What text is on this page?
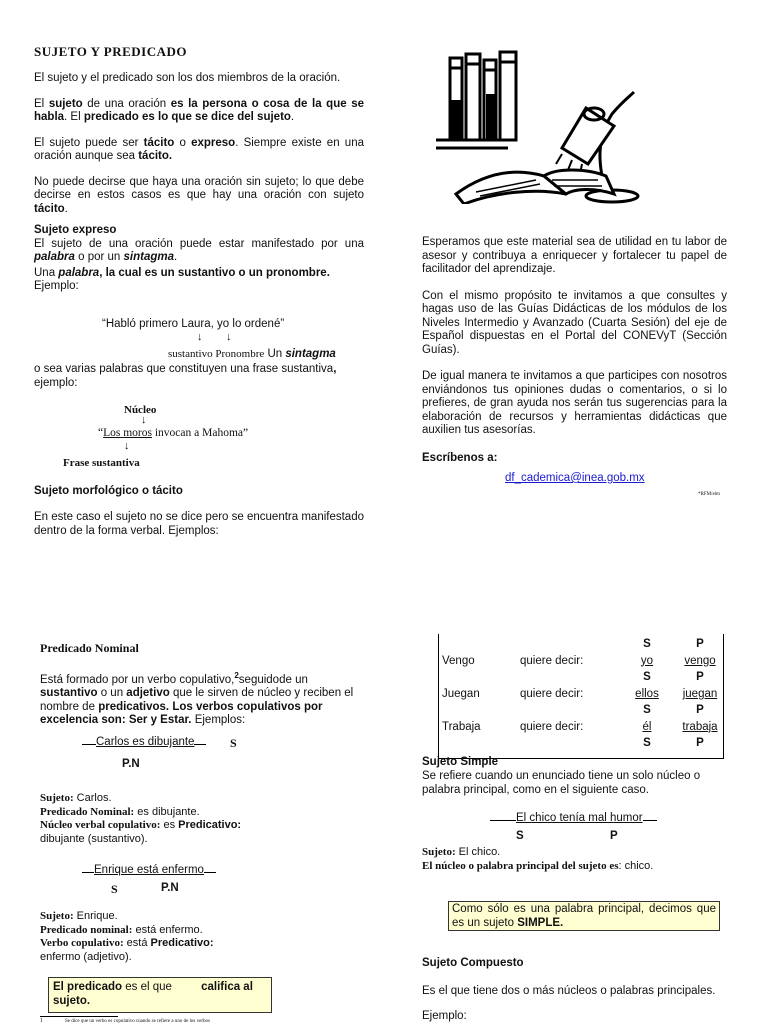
SUJETO Y PREDICADO

El sujeto y el predicado son los dos miembros de la oración.

El sujeto de una oración es la persona o cosa de la que se habla. El predicado es lo que se dice del sujeto.

El sujeto puede ser tácito o expreso. Siempre existe en una oración aunque sea tácito.

No puede decirse que haya una oración sin sujeto; lo que debe decirse en estos casos es que hay una oración con sujeto tácito.

Sujeto expreso

El sujeto de una oración puede estar manifestado por una palabra o por un sintagma.

Una palabra, la cual es un sustantivo o un pronombre.

Ejemplo:

“Habló primero Laura, yo lo ordené”
↓ ↓
sustantivo Pronombre Un sintagma

o sea varias palabras que constituyen una frase sustantiva, ejemplo:

Núcleo
↓
“Los moros invocan a Mahoma”
↓
Frase sustantiva
Sujeto morfológico o tácito

En este caso el sujeto no se dice pero se encuentra manifestado dentro de la forma verbal. Ejemplos:

Esperamos que este material sea de utilidad en tu labor de asesor y contribuya a enriquecer y fortalecer tu papel de facilitador del aprendizaje.

Con el mismo propósito te invitamos a que consultes y hagas uso de las Guías Didácticas de los módulos de los Niveles Intermedio y Avanzado (Cuarta Sesión) del eje de Español dispuestas en el Portal del CONEVyT (Sección Guías).

De igual manera te invitamos a que participes con nosotros enviándonos tus opiniones dudas o comentarios, o si lo prefieres, de gran ayuda nos serán tus sugerencias para la elaboración de recursos y herramientas didácticas que auxilien tus asesorías.

Escríbenos a:
df_cademica@inea.gob.mx
*RFM/elm
Predicado Nominal

Está formado por un verbo copulativo,$^2$seguidode un sustantivo o un adjetivo que le sirven de núcleo y reciben el nombre de predicativos. Los verbos copulativos por excelencia son: Ser y Estar. Ejemplos:

Carlos es dibujante	S
P.N
Sujeto: Carlos.
Predicado Nominal: es dibujante.
Núcleo verbal copulativo: es Predicativo:
dibujante (sustantivo).
Enrique está enfermo
S	P.N
Sujeto: Enrique.
Predicado nominal: está enfermo.
Verbo copulativo: está Predicativo:
enfermo (adjetivo).
El predicado es el que califica al sujeto.
1	Se dice que un verbo es copulativo cuando se refiere a uno de los verbos
		S	P
Vengo	quiere decir:	yo	vengo
		S	P
Juegan	quiere decir:	ellos	juegan
		S	P
Trabaja	quiere decir:	él	trabaja
		S	P
Sujeto Simple

Se refiere cuando un enunciado tiene un solo núcleo o palabra principal, como en el siguiente caso.

El chico tenía mal humor
S	P
Sujeto: El chico.
El núcleo o palabra principal del sujeto es: chico.
Como sólo es una palabra principal, decimos que es un sujeto SIMPLE.
Sujeto Compuesto

Es el que tiene dos o más núcleos o palabras principales.

Ejemplo:
